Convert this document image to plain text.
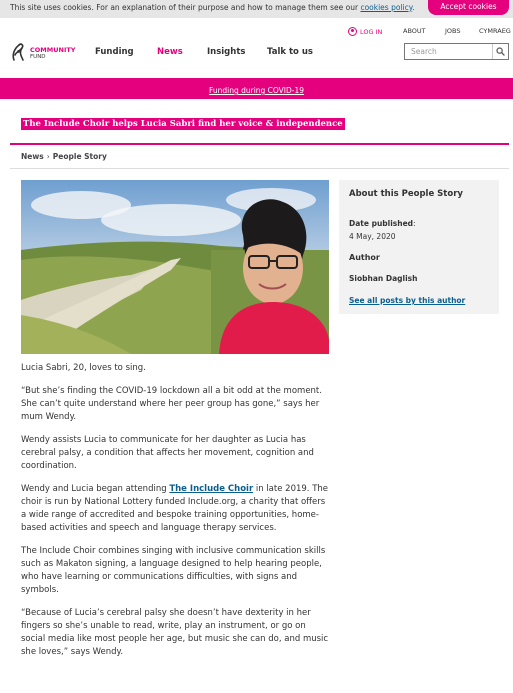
This site uses cookies. For an explanation of their purpose and how to manage them see our cookies policy.	Accept cookies
LOG IN	ABOUT	JOBS	CYMRAEG
COMMUNITY
FUND	Funding	News	Insights	Talk to us	Search
Funding during COVID-19
The Include Choir helps Lucia Sabri find her voice & independence
News › People Story

Lucia Sabri, 20, loves to sing.

“But she’s finding the COVID-19 lockdown all a bit odd at the moment. She can’t quite understand where her peer group has gone,” says her mum Wendy.

Wendy assists Lucia to communicate for her daughter as Lucia has cerebral palsy, a condition that affects her movement, cognition and coordination.

Wendy and Lucia began attending The Include Choir in late 2019. The choir is run by National Lottery funded Include.org, a charity that offers a wide range of accredited and bespoke training opportunities, home-based activities and speech and language therapy services.

The Include Choir combines singing with inclusive communication skills such as Makaton signing, a language designed to help hearing people, who have learning or communications difficulties, with signs and symbols.

“Because of Lucia’s cerebral palsy she doesn’t have dexterity in her fingers so she’s unable to read, write, play an instrument, or go on social media like most people her age, but music she can do, and music she loves,” says Wendy.

About this People Story
Date published:
4 May, 2020
Author
Siobhan Daglish
See all posts by this author
